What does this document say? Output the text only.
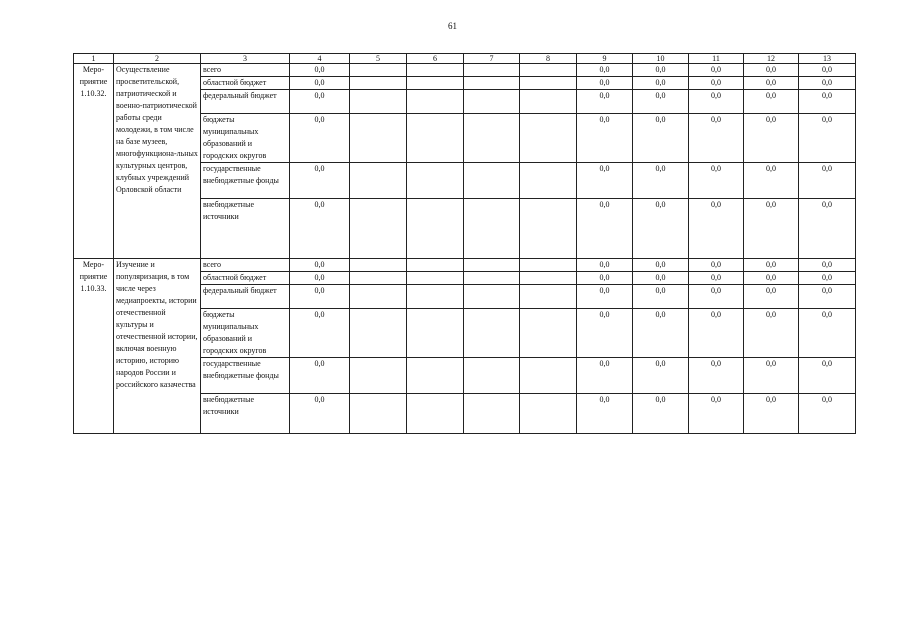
61
1	2	3	4	5	6	7	8	9	10	11	12	13
Меро-приятие 1.10.32.	Осуществление просветительской, патриотической и военно-патриотической работы среди молодежи, в том числе на базе музеев, многофункциона-льных культурных центров, клубных учреждений Орловской области	всего	0,0					0,0	0,0	0,0	0,0	0,0
		областной бюджет	0,0					0,0	0,0	0,0	0,0	0,0
		федеральный бюджет	0,0					0,0	0,0	0,0	0,0	0,0
		бюджеты муниципальных образований и городских округов	0,0					0,0	0,0	0,0	0,0	0,0
		государственные внебюджетные фонды	0,0					0,0	0,0	0,0	0,0	0,0
		внебюджетные источники	0,0					0,0	0,0	0,0	0,0	0,0
Меро-приятие 1.10.33.	Изучение и популяризация, в том числе через медиапроекты, истории отечественной культуры и отечественной истории, включая военную историю, историю народов России и российского казачества	всего	0,0					0,0	0,0	0,0	0,0	0,0
		областной бюджет	0,0					0,0	0,0	0,0	0,0	0,0
		федеральный бюджет	0,0					0,0	0,0	0,0	0,0	0,0
		бюджеты муниципальных образований и городских округов	0,0					0,0	0,0	0,0	0,0	0,0
		государственные внебюджетные фонды	0,0					0,0	0,0	0,0	0,0	0,0
		внебюджетные источники	0,0					0,0	0,0	0,0	0,0	0,0
